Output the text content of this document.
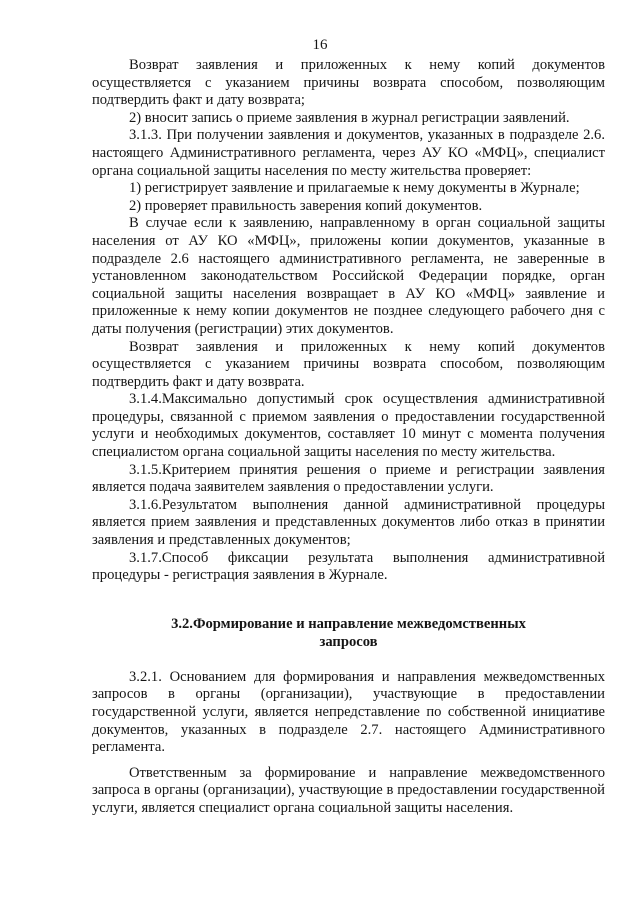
16

Возврат заявления и приложенных к нему копий документов осуществляется с указанием причины возврата способом, позволяющим подтвердить факт и дату возврата;

2) вносит запись о приеме заявления в журнал регистрации заявлений.

3.1.3. При получении заявления и документов, указанных в подразделе 2.6. настоящего Административного регламента, через АУ КО «МФЦ», специалист органа социальной защиты населения по месту жительства проверяет:

1) регистрирует заявление и прилагаемые к нему документы в Журнале;

2) проверяет правильность заверения копий документов.

В случае если к заявлению, направленному в орган социальной защиты населения от АУ КО «МФЦ», приложены копии документов, указанные в подразделе 2.6 настоящего административного регламента, не заверенные в установленном законодательством Российской Федерации порядке, орган социальной защиты населения возвращает в АУ КО «МФЦ» заявление и приложенные к нему копии документов не позднее следующего рабочего дня с даты получения (регистрации) этих документов.

Возврат заявления и приложенных к нему копий документов осуществляется с указанием причины возврата способом, позволяющим подтвердить факт и дату возврата.

3.1.4.Максимально допустимый срок осуществления административной процедуры, связанной с приемом заявления о предоставлении государственной услуги и необходимых документов, составляет 10 минут с момента получения специалистом органа социальной защиты населения по месту жительства.

3.1.5.Критерием принятия решения о приеме и регистрации заявления является подача заявителем заявления о предоставлении услуги.

3.1.6.Результатом выполнения данной административной процедуры является прием заявления и представленных документов либо отказ в принятии заявления и представленных документов;

3.1.7.Способ фиксации результата выполнения административной процедуры - регистрация заявления в Журнале.

3.2.Формирование и направление межведомственных
запросов

3.2.1. Основанием для формирования и направления межведомственных запросов в органы (организации), участвующие в предоставлении государственной услуги, является непредставление по собственной инициативе документов, указанных в подразделе 2.7. настоящего Административного регламента.

Ответственным за формирование и направление межведомственного запроса в органы (организации), участвующие в предоставлении государственной услуги, является специалист органа социальной защиты населения.
